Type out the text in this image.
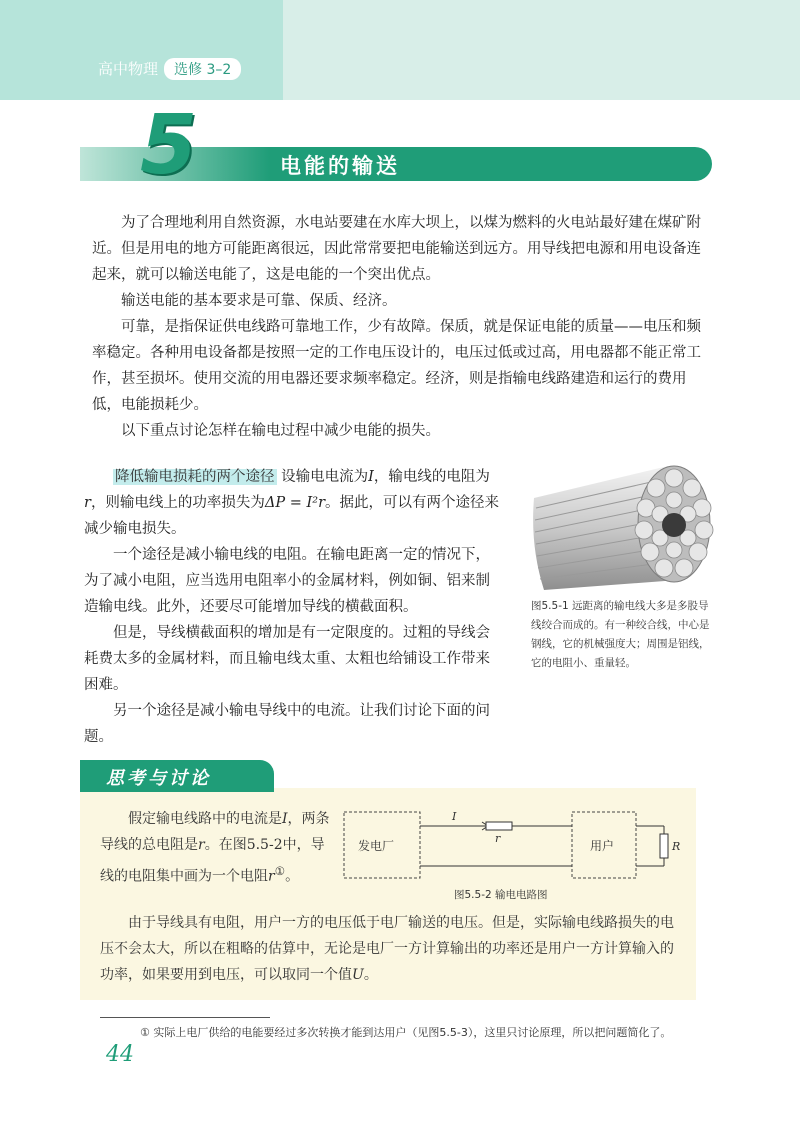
高中物理 选修 3–2
5	电能的输送

为了合理地利用自然资源，水电站要建在水库大坝上，以煤为燃料的火电站最好建在煤矿附近。但是用电的地方可能距离很远，因此常常要把电能输送到远方。用导线把电源和用电设备连起来，就可以输送电能了，这是电能的一个突出优点。

输送电能的基本要求是可靠、保质、经济。

可靠，是指保证供电线路可靠地工作，少有故障。保质，就是保证电能的质量——电压和频率稳定。各种用电设备都是按照一定的工作电压设计的，电压过低或过高，用电器都不能正常工作，甚至损坏。使用交流的用电器还要求频率稳定。经济，则是指输电线路建造和运行的费用低，电能损耗少。

以下重点讨论怎样在输电过程中减少电能的损失。

降低输电损耗的两个途径 设输电电流为I，输电线的电阻为r，则输电线上的功率损失为ΔP = I²r。据此，可以有两个途径来减少输电损失。

一个途径是减小输电线的电阻。在输电距离一定的情况下，为了减小电阻，应当选用电阻率小的金属材料，例如铜、铝来制造输电线。此外，还要尽可能增加导线的横截面积。

但是，导线横截面积的增加是有一定限度的。过粗的导线会耗费太多的金属材料，而且输电线太重、太粗也给铺设工作带来困难。

另一个途径是减小输电导线中的电流。让我们讨论下面的问题。

图5.5-1 远距离的输电线大多是多股导线绞合而成的。有一种绞合线，中心是钢线，它的机械强度大；周围是铝线，它的电阻小、重量轻。
思考与讨论

假定输电线路中的电流是I，两条导线的总电阻是r。在图5.5-2中，导线的电阻集中画为一个电阻r①。

发电厂	用户
I
r
R
图5.5-2 输电电路图

由于导线具有电阻，用户一方的电压低于电厂输送的电压。但是，实际输电线路损失的电压不会太大，所以在粗略的估算中，无论是电厂一方计算输出的功率还是用户一方计算输入的功率，如果要用到电压，可以取同一个值U。

① 实际上电厂供给的电能要经过多次转换才能到达用户（见图5.5-3），这里只讨论原理，所以把问题简化了。
44
